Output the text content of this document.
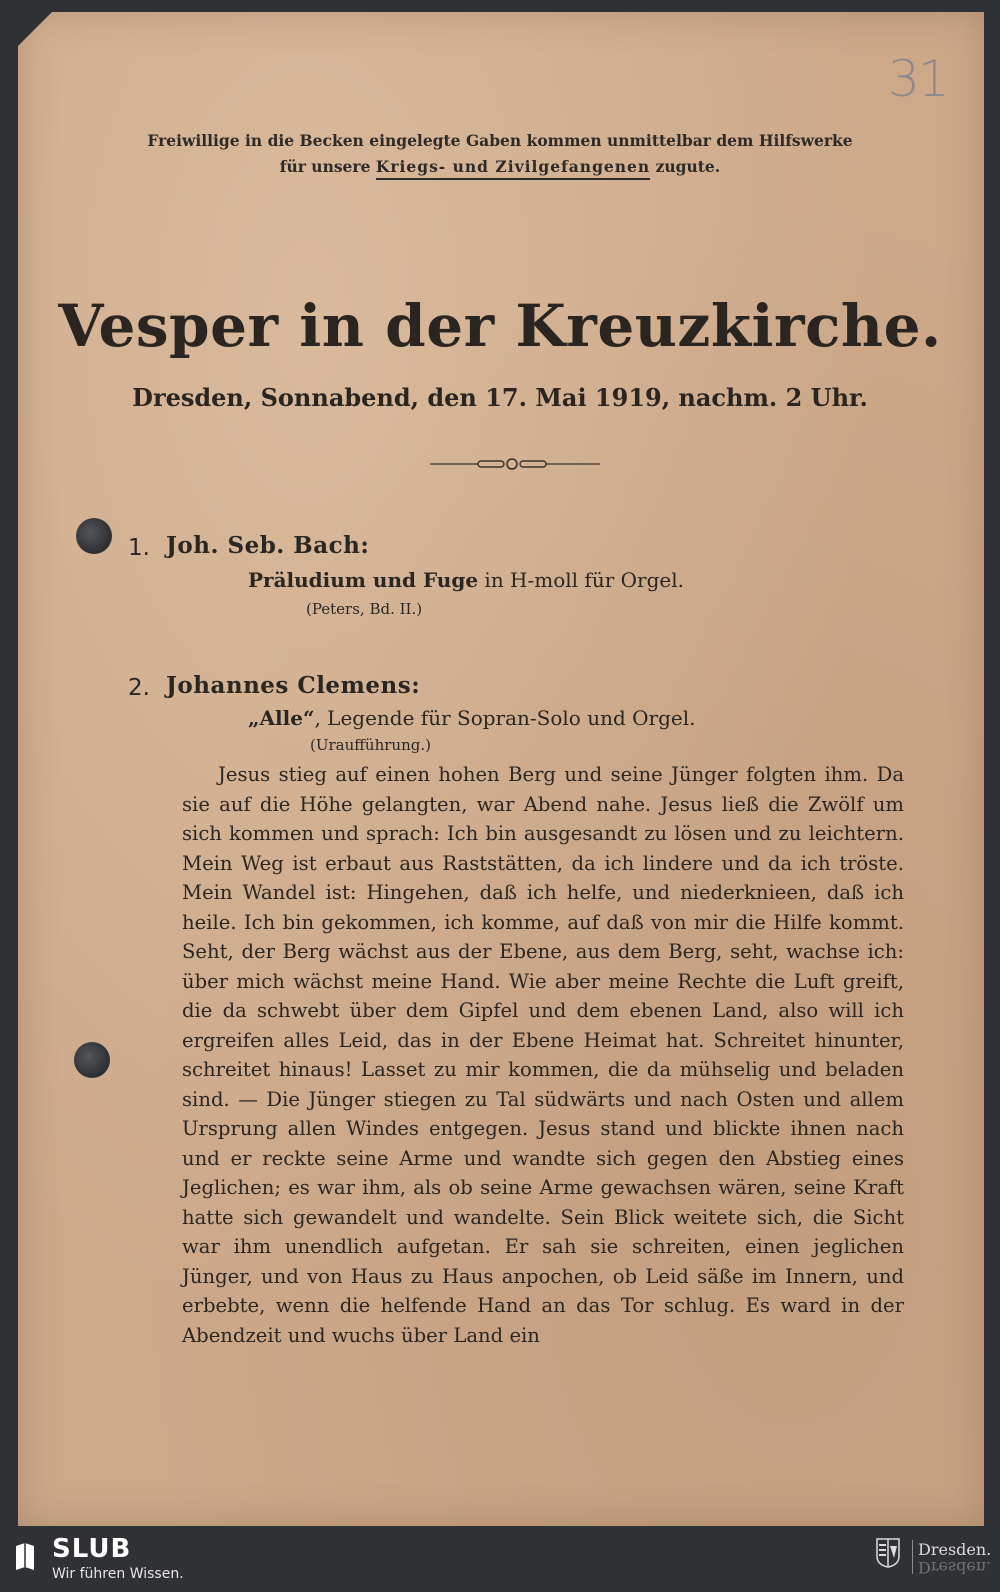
31
Freiwillige in die Becken eingelegte Gaben kommen unmittelbar dem Hilfswerke
für unsere Kriegs- und Zivilgefangenen zugute.
Vesper in der Kreuzkirche.
Dresden, Sonnabend, den 17. Mai 1919, nachm. 2 Uhr.
1. Joh. Seb. Bach:
Präludium und Fuge in H-moll für Orgel.
(Peters, Bd. II.)
2. Johannes Clemens:
„Alle“, Legende für Sopran-Solo und Orgel.
(Uraufführung.)
Jesus stieg auf einen hohen Berg und seine Jünger folgten ihm. Da sie auf die Höhe gelangten, war Abend nahe. Jesus ließ die Zwölf um sich kommen und sprach: Ich bin ausgesandt zu lösen und zu leichtern. Mein Weg ist erbaut aus Raststätten, da ich lindere und da ich tröste. Mein Wandel ist: Hingehen, daß ich helfe, und niederknieen, daß ich heile. Ich bin gekommen, ich komme, auf daß von mir die Hilfe kommt. Seht, der Berg wächst aus der Ebene, aus dem Berg, seht, wachse ich: über mich wächst meine Hand. Wie aber meine Rechte die Luft greift, die da schwebt über dem Gipfel und dem ebenen Land, also will ich ergreifen alles Leid, das in der Ebene Heimat hat. Schreitet hinunter, schreitet hinaus! Lasset zu mir kommen, die da mühselig und beladen sind. — Die Jünger stiegen zu Tal südwärts und nach Osten und allem Ursprung allen Windes entgegen. Jesus stand und blickte ihnen nach und er reckte seine Arme und wandte sich gegen den Abstieg eines Jeglichen; es war ihm, als ob seine Arme gewachsen wären, seine Kraft hatte sich gewandelt und wandelte. Sein Blick weitete sich, die Sicht war ihm unendlich aufgetan. Er sah sie schreiten, einen jeglichen Jünger, und von Haus zu Haus anpochen, ob Leid säße im Innern, und erbebte, wenn die helfende Hand an das Tor schlug. Es ward in der Abendzeit und wuchs über Land ein
SLUB
Wir führen Wissen.
Dresden.
Dresden.
